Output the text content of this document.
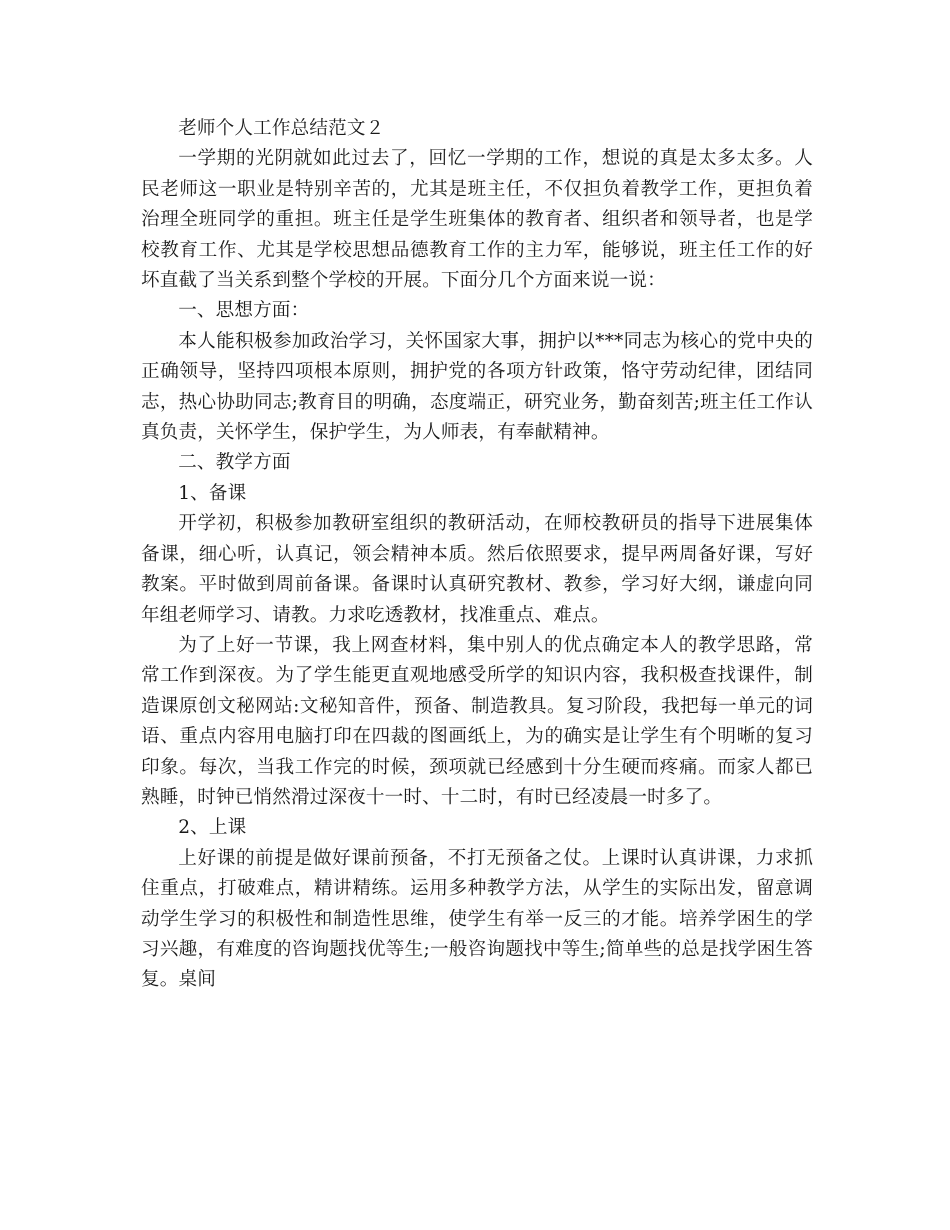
老师个人工作总结范文２

一学期的光阴就如此过去了，回忆一学期的工作，想说的真是太多太多。人民老师这一职业是特别辛苦的，尤其是班主任，不仅担负着教学工作，更担负着治理全班同学的重担。班主任是学生班集体的教育者、组织者和领导者，也是学校教育工作、尤其是学校思想品德教育工作的主力军，能够说，班主任工作的好坏直截了当关系到整个学校的开展。下面分几个方面来说一说：

一、思想方面：

本人能积极参加政治学习，关怀国家大事，拥护以***同志为核心的党中央的正确领导，坚持四项根本原则，拥护党的各项方针政策，恪守劳动纪律，团结同志，热心协助同志;教育目的明确，态度端正，研究业务，勤奋刻苦;班主任工作认真负责，关怀学生，保护学生，为人师表，有奉献精神。

二、教学方面

1、备课

开学初，积极参加教研室组织的教研活动，在师校教研员的指导下进展集体备课，细心听，认真记，领会精神本质。然后依照要求，提早两周备好课，写好教案。平时做到周前备课。备课时认真研究教材、教参，学习好大纲，谦虚向同年组老师学习、请教。力求吃透教材，找准重点、难点。

为了上好一节课，我上网查材料，集中别人的优点确定本人的教学思路，常常工作到深夜。为了学生能更直观地感受所学的知识内容，我积极查找课件，制造课原创文秘网站:文秘知音件，预备、制造教具。复习阶段，我把每一单元的词语、重点内容用电脑打印在四裁的图画纸上，为的确实是让学生有个明晰的复习印象。每次，当我工作完的时候，颈项就已经感到十分生硬而疼痛。而家人都已熟睡，时钟已悄然滑过深夜十一时、十二时，有时已经凌晨一时多了。

2、上课

上好课的前提是做好课前预备，不打无预备之仗。上课时认真讲课，力求抓住重点，打破难点，精讲精练。运用多种教学方法，从学生的实际出发，留意调动学生学习的积极性和制造性思维，使学生有举一反三的才能。培养学困生的学习兴趣，有难度的咨询题找优等生;一般咨询题找中等生;简单些的总是找学困生答复。桌间
